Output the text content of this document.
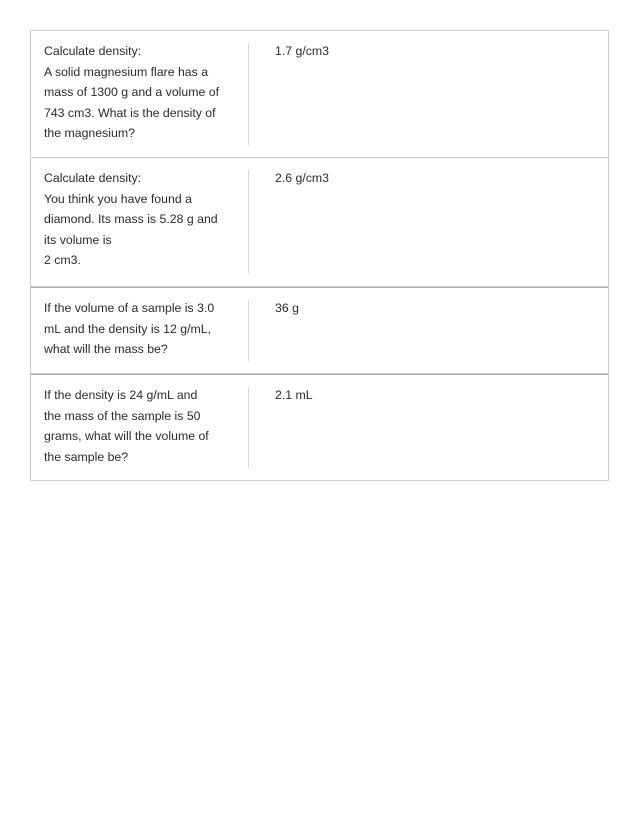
Calculate density:
A solid magnesium flare has a
mass of 1300 g and a volume of
743 cm3. What is the density of
the magnesium?
1.7 g/cm3
Calculate density:
You think you have found a
diamond. Its mass is 5.28 g and
its volume is
2 cm3.
2.6 g/cm3
If the volume of a sample is 3.0
mL and the density is 12 g/mL,
what will the mass be?
36 g
If the density is 24 g/mL and
the mass of the sample is 50
grams, what will the volume of
the sample be?
2.1 mL
